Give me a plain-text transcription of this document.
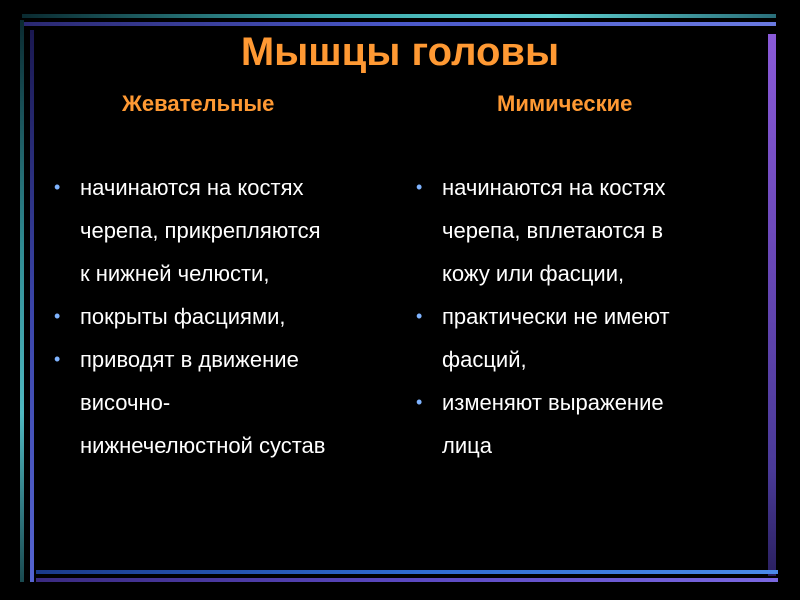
Мышцы головы
Жевательные	Мимические
• начинаются на костях
черепа, прикрепляются
к нижней челюсти,
• покрыты фасциями,
• приводят в движение
височно-
нижнечелюстной сустав
• начинаются на костях
черепа, вплетаются в
кожу или фасции,
• практически не имеют
фасций,
• изменяют выражение
лица
